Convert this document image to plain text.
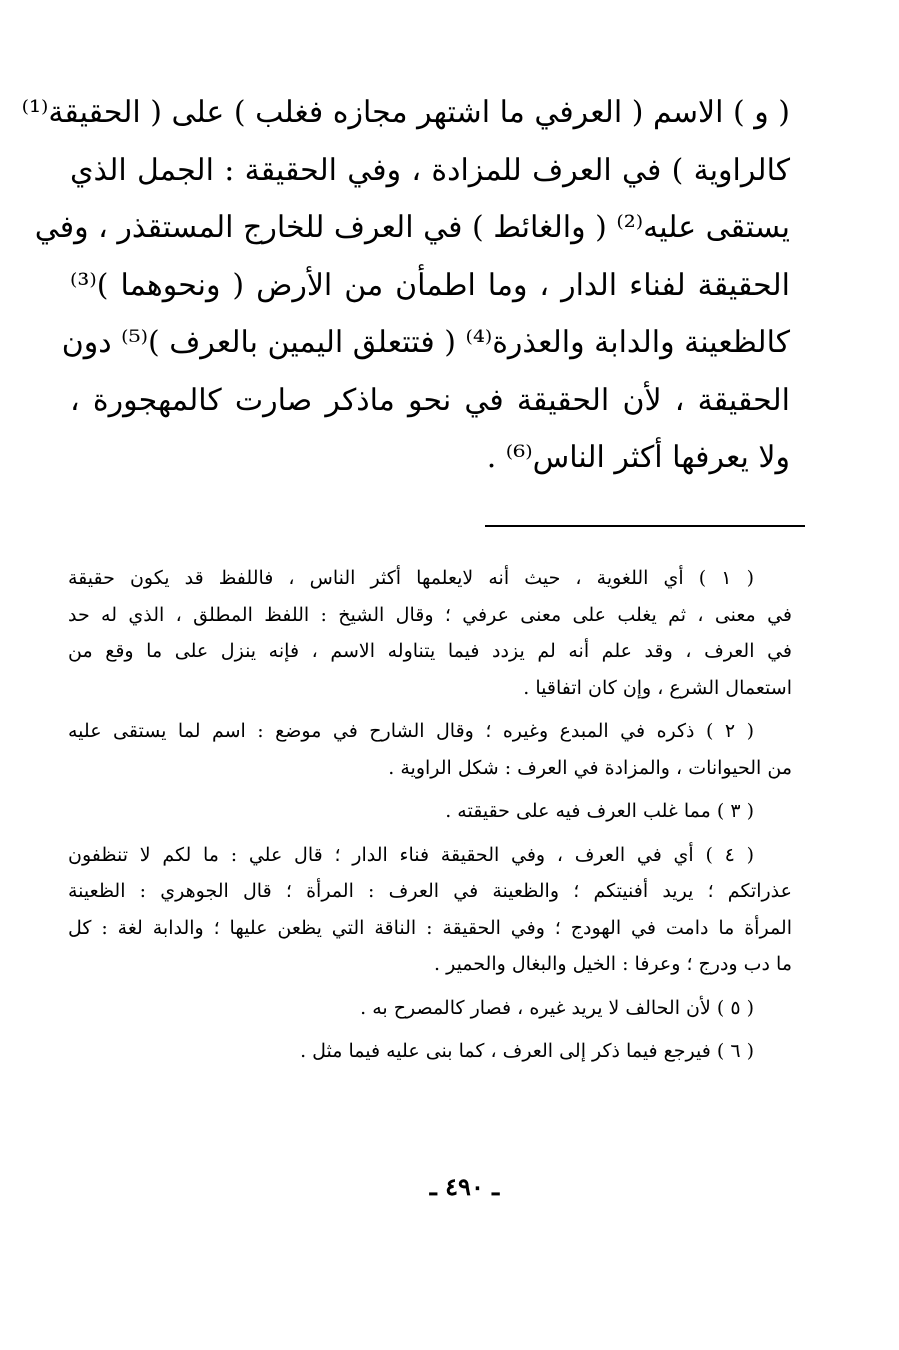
( و ) الاسم ( العرفي ما اشتهر مجازه فغلب ) على ( الحقيقة⁽¹⁾
كالراوية ) في العرف للمزادة ، وفي الحقيقة : الجمل الذي
يستقى عليه⁽²⁾ ( والغائط ) في العرف للخارج المستقذر ، وفي
الحقيقة لفناء الدار ، وما اطمأن من الأرض ( ونحوهما )⁽³⁾
كالظعينة والدابة والعذرة⁽⁴⁾ ( فتتعلق اليمين بالعرف )⁽⁵⁾ دون
الحقيقة ، لأن الحقيقة في نحو ماذكر صارت كالمهجورة ،
ولا يعرفها أكثر الناس⁽⁶⁾ .
( ١ ) أي اللغوية ، حيث أنه لايعلمها أكثر الناس ، فاللفظ قد يكون حقيقة
في معنى ، ثم يغلب على معنى عرفي ؛ وقال الشيخ : اللفظ المطلق ، الذي له حد
في العرف ، وقد علم أنه لم يزدد فيما يتناوله الاسم ، فإنه ينزل على ما وقع من
استعمال الشرع ، وإن كان اتفاقيا .
( ٢ ) ذكره في المبدع وغيره ؛ وقال الشارح في موضع : اسم لما يستقى عليه
من الحيوانات ، والمزادة في العرف : شكل الراوية .
( ٣ ) مما غلب العرف فيه على حقيقته .
( ٤ ) أي في العرف ، وفي الحقيقة فناء الدار ؛ قال علي : ما لكم لا تنظفون
عذراتكم ؛ يريد أفنيتكم ؛ والظعينة في العرف : المرأة ؛ قال الجوهري : الظعينة
المرأة ما دامت في الهودج ؛ وفي الحقيقة : الناقة التي يظعن عليها ؛ والدابة لغة : كل
ما دب ودرج ؛ وعرفا : الخيل والبغال والحمير .
( ٥ ) لأن الحالف لا يريد غيره ، فصار كالمصرح به .
( ٦ ) فيرجع فيما ذكر إلى العرف ، كما بنى عليه فيما مثل .
ـ ٤٩٠ ـ
